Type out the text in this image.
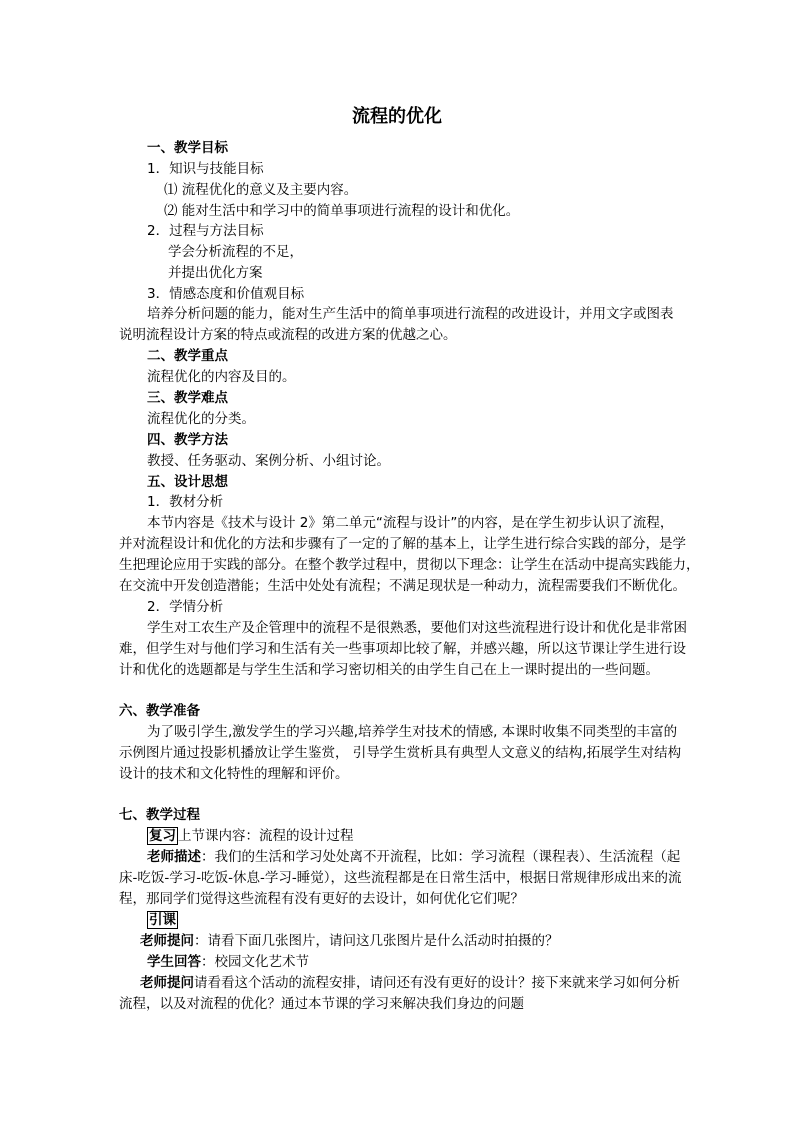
流程的优化
一、教学目标
1．知识与技能目标
⑴ 流程优化的意义及主要内容。
⑵ 能对生活中和学习中的简单事项进行流程的设计和优化。
2．过程与方法目标
学会分析流程的不足，
并提出优化方案
3．情感态度和价值观目标
培养分析问题的能力，能对生产生活中的简单事项进行流程的改进设计，并用文字或图表
说明流程设计方案的特点或流程的改进方案的优越之心。
二、教学重点
流程优化的内容及目的。
三、教学难点
流程优化的分类。
四、教学方法
教授、任务驱动、案例分析、小组讨论。
五、设计思想
1．教材分析
本节内容是《技术与设计 2》第二单元“流程与设计”的内容，是在学生初步认识了流程，
并对流程设计和优化的方法和步骤有了一定的了解的基本上，让学生进行综合实践的部分，是学
生把理论应用于实践的部分。在整个教学过程中，贯彻以下理念：让学生在活动中提高实践能力，
在交流中开发创造潜能；生活中处处有流程；不满足现状是一种动力，流程需要我们不断优化。
2．学情分析
学生对工农生产及企管理中的流程不是很熟悉，要他们对这些流程进行设计和优化是非常困
难，但学生对与他们学习和生活有关一些事项却比较了解，并感兴趣，所以这节课让学生进行设
计和优化的选题都是与学生生活和学习密切相关的由学生自己在上一课时提出的一些问题。
六、教学准备
为了吸引学生,激发学生的学习兴趣,培养学生对技术的情感, 本课时收集不同类型的丰富的
示例图片通过投影机播放让学生鉴赏， 引导学生赏析具有典型人文意义的结构,拓展学生对结构
设计的技术和文化特性的理解和评价。
七、教学过程
复习 上节课内容：流程的设计过程
老师描述：我们的生活和学习处处离不开流程，比如：学习流程（课程表）、生活流程（起
床-吃饭-学习-吃饭-休息-学习-睡觉），这些流程都是在日常生活中，根据日常规律形成出来的流
程，那同学们觉得这些流程有没有更好的去设计，如何优化它们呢？
引课
老师提问：请看下面几张图片，请问这几张图片是什么活动时拍摄的？
学生回答：校园文化艺术节
老师提问请看看这个活动的流程安排，请问还有没有更好的设计？接下来就来学习如何分析
流程，以及对流程的优化？通过本节课的学习来解决我们身边的问题
